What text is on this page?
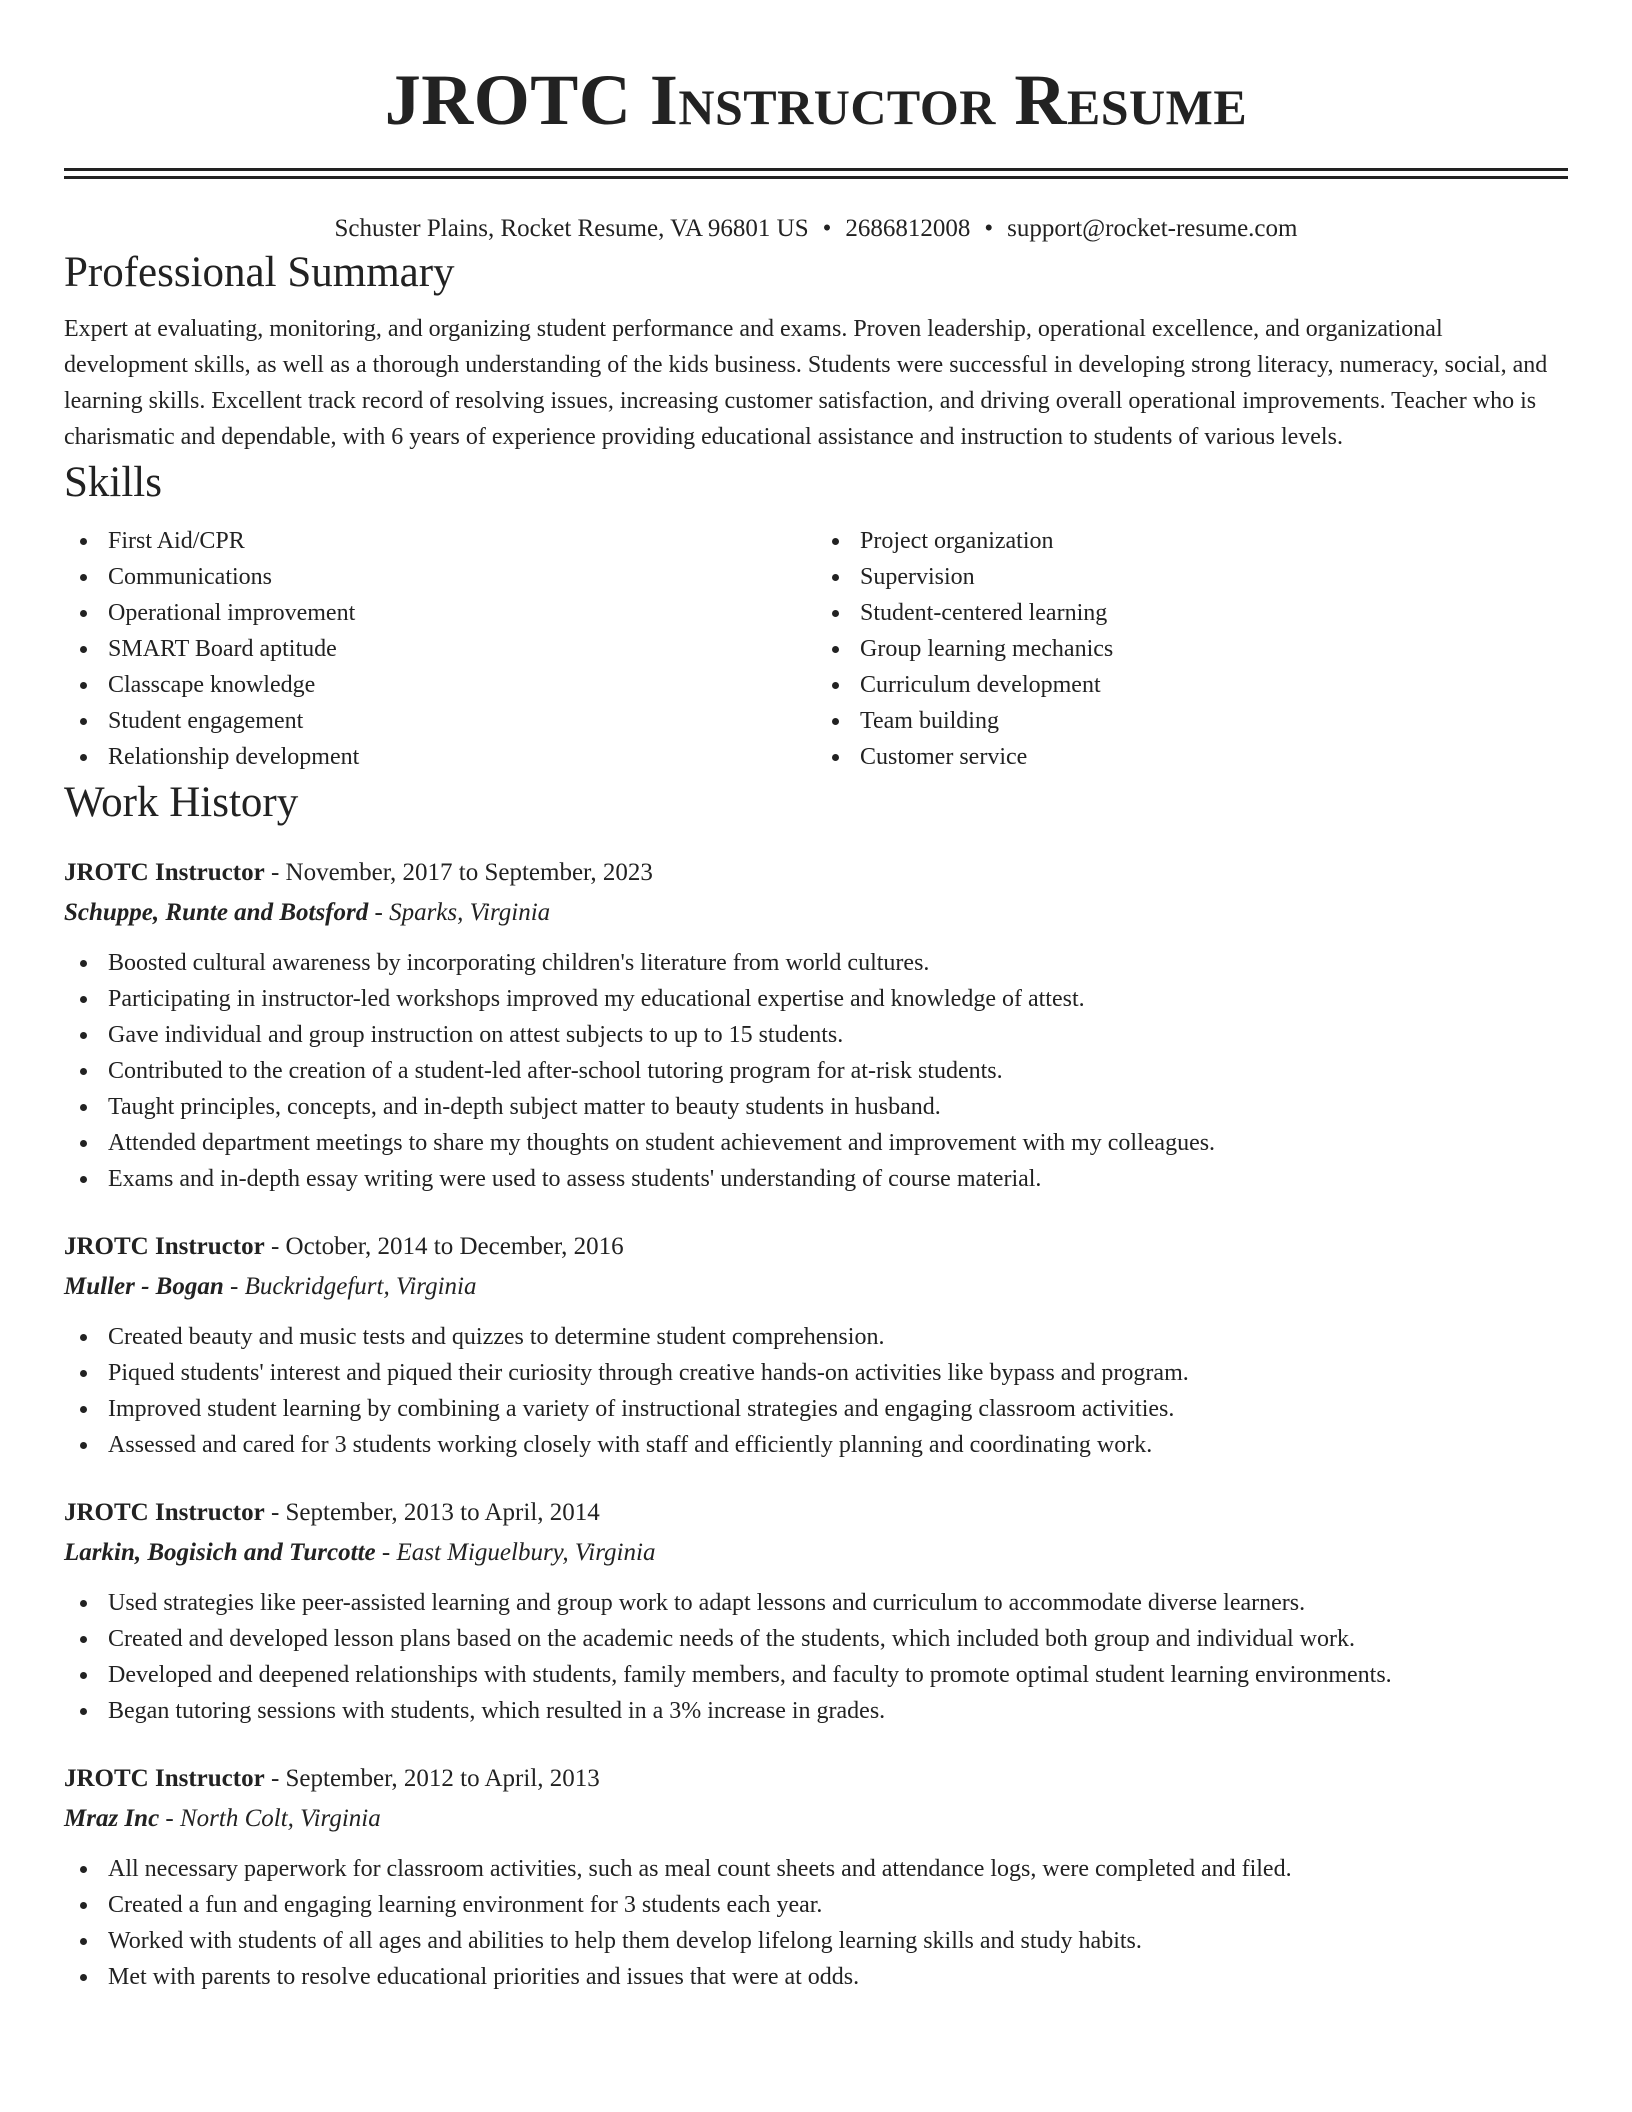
JROTC Instructor Resume
Schuster Plains, Rocket Resume, VA 96801 US • 2686812008 • support@rocket-resume.com
Professional Summary

Expert at evaluating, monitoring, and organizing student performance and exams. Proven leadership, operational excellence, and organizational development skills, as well as a thorough understanding of the kids business. Students were successful in developing strong literacy, numeracy, social, and learning skills. Excellent track record of resolving issues, increasing customer satisfaction, and driving overall operational improvements. Teacher who is charismatic and dependable, with 6 years of experience providing educational assistance and instruction to students of various levels.

Skills
First Aid/CPR
Communications
Operational improvement
SMART Board aptitude
Classcape knowledge
Student engagement
Relationship development
Project organization
Supervision
Student-centered learning
Group learning mechanics
Curriculum development
Team building
Customer service
Work History
JROTC Instructor - November, 2017 to September, 2023
Schuppe, Runte and Botsford - Sparks, Virginia
Boosted cultural awareness by incorporating children's literature from world cultures.
Participating in instructor-led workshops improved my educational expertise and knowledge of attest.
Gave individual and group instruction on attest subjects to up to 15 students.
Contributed to the creation of a student-led after-school tutoring program for at-risk students.
Taught principles, concepts, and in-depth subject matter to beauty students in husband.
Attended department meetings to share my thoughts on student achievement and improvement with my colleagues.
Exams and in-depth essay writing were used to assess students' understanding of course material.
JROTC Instructor - October, 2014 to December, 2016
Muller - Bogan - Buckridgefurt, Virginia
Created beauty and music tests and quizzes to determine student comprehension.
Piqued students' interest and piqued their curiosity through creative hands-on activities like bypass and program.
Improved student learning by combining a variety of instructional strategies and engaging classroom activities.
Assessed and cared for 3 students working closely with staff and efficiently planning and coordinating work.
JROTC Instructor - September, 2013 to April, 2014
Larkin, Bogisich and Turcotte - East Miguelbury, Virginia
Used strategies like peer-assisted learning and group work to adapt lessons and curriculum to accommodate diverse learners.
Created and developed lesson plans based on the academic needs of the students, which included both group and individual work.
Developed and deepened relationships with students, family members, and faculty to promote optimal student learning environments.
Began tutoring sessions with students, which resulted in a 3% increase in grades.
JROTC Instructor - September, 2012 to April, 2013
Mraz Inc - North Colt, Virginia
All necessary paperwork for classroom activities, such as meal count sheets and attendance logs, were completed and filed.
Created a fun and engaging learning environment for 3 students each year.
Worked with students of all ages and abilities to help them develop lifelong learning skills and study habits.
Met with parents to resolve educational priorities and issues that were at odds.
